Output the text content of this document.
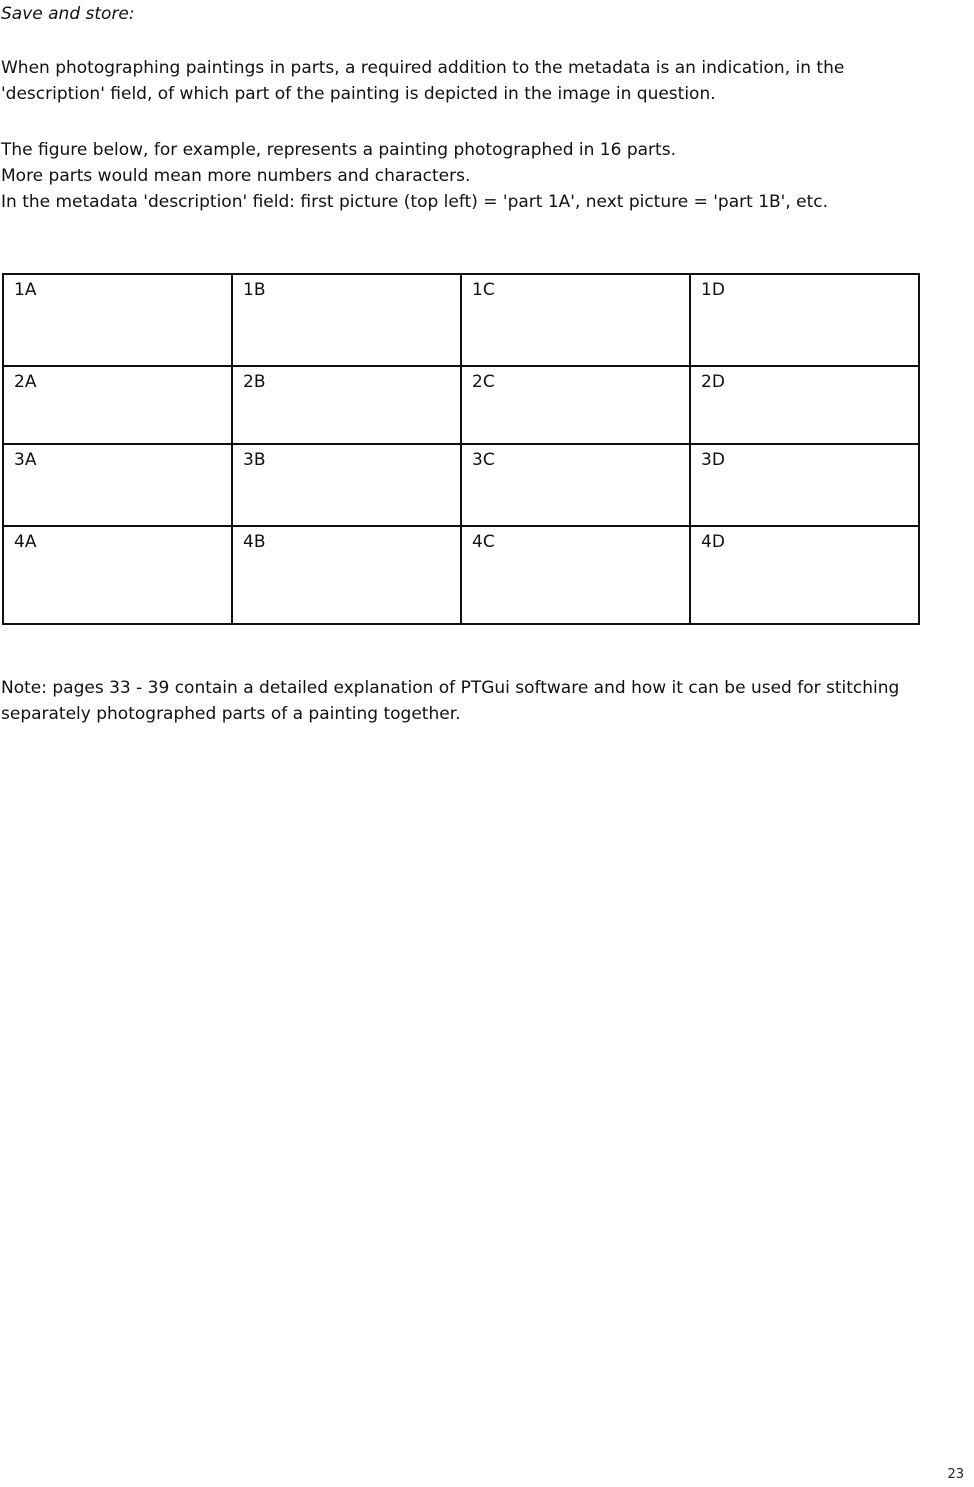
Save and store:

When photographing paintings in parts, a required addition to the metadata is an indication, in the
'description' field, of which part of the painting is depicted in the image in question.

The figure below, for example, represents a painting photographed in 16 parts.
More parts would mean more numbers and characters.
In the metadata 'description' field: first picture (top left) = 'part 1A', next picture = 'part 1B', etc.

1A	1B	1C	1D
2A	2B	2C	2D
3A	3B	3C	3D
4A	4B	4C	4D

Note: pages 33 - 39 contain a detailed explanation of PTGui software and how it can be used for stitching
separately photographed parts of a painting together.

23
